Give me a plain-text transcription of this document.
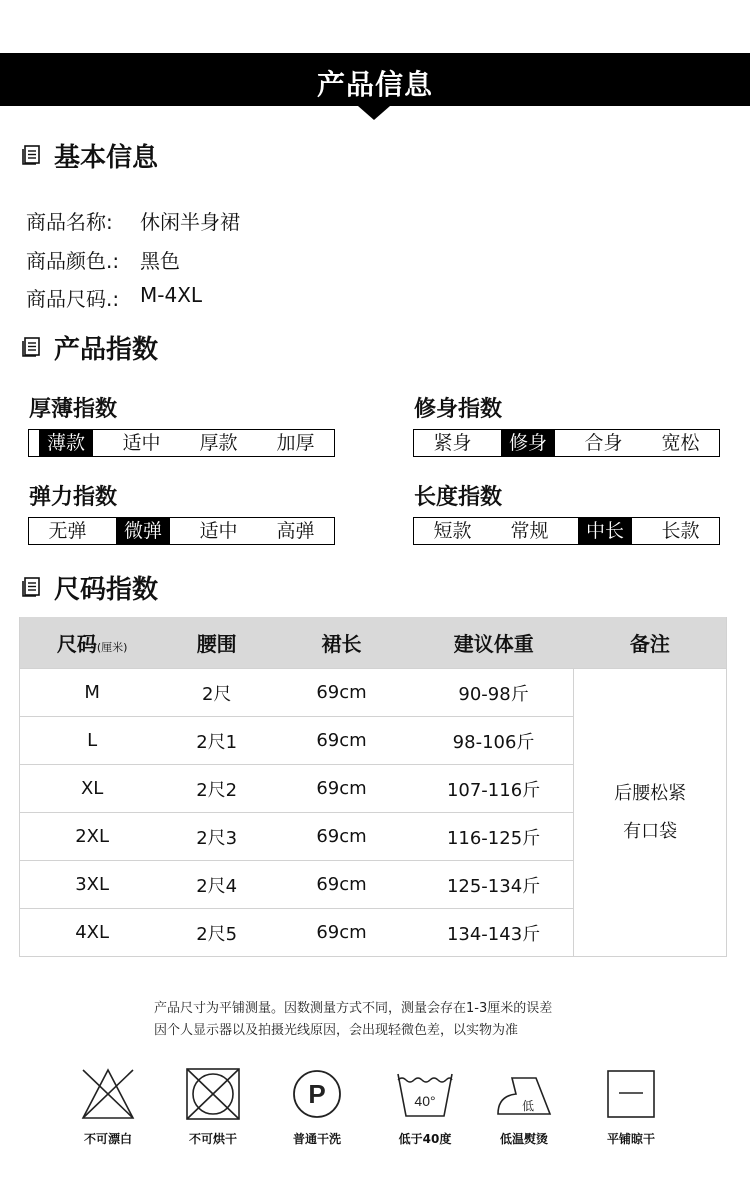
产品信息
基本信息
商品名称:	休闲半身裙
商品颜色.:	黑色
商品尺码.:	M-4XL
产品指数
厚薄指数
薄款	适中	厚款	加厚
修身指数
紧身	修身	合身	宽松
弹力指数
无弹	微弹	适中	高弹
长度指数
短款	常规	中长	长款
尺码指数
尺码(厘米)	腰围	裙长	建议体重	备注
M	2尺	69cm	90-98斤	后腰松紧
有口袋

L	2尺1	69cm	98-106斤	
XL	2尺2	69cm	107-116斤	
2XL	2尺3	69cm	116-125斤	
3XL	2尺4	69cm	125-134斤	
4XL	2尺5	69cm	134-143斤	
产品尺寸为平铺测量。因数测量方式不同，测量会存在1-3厘米的误差
因个人显示器以及拍摄光线原因，会出现轻微色差，以实物为准
不可漂白	不可烘干
P
普通干洗
40°
低于40度
低
低温熨烫	平铺晾干
